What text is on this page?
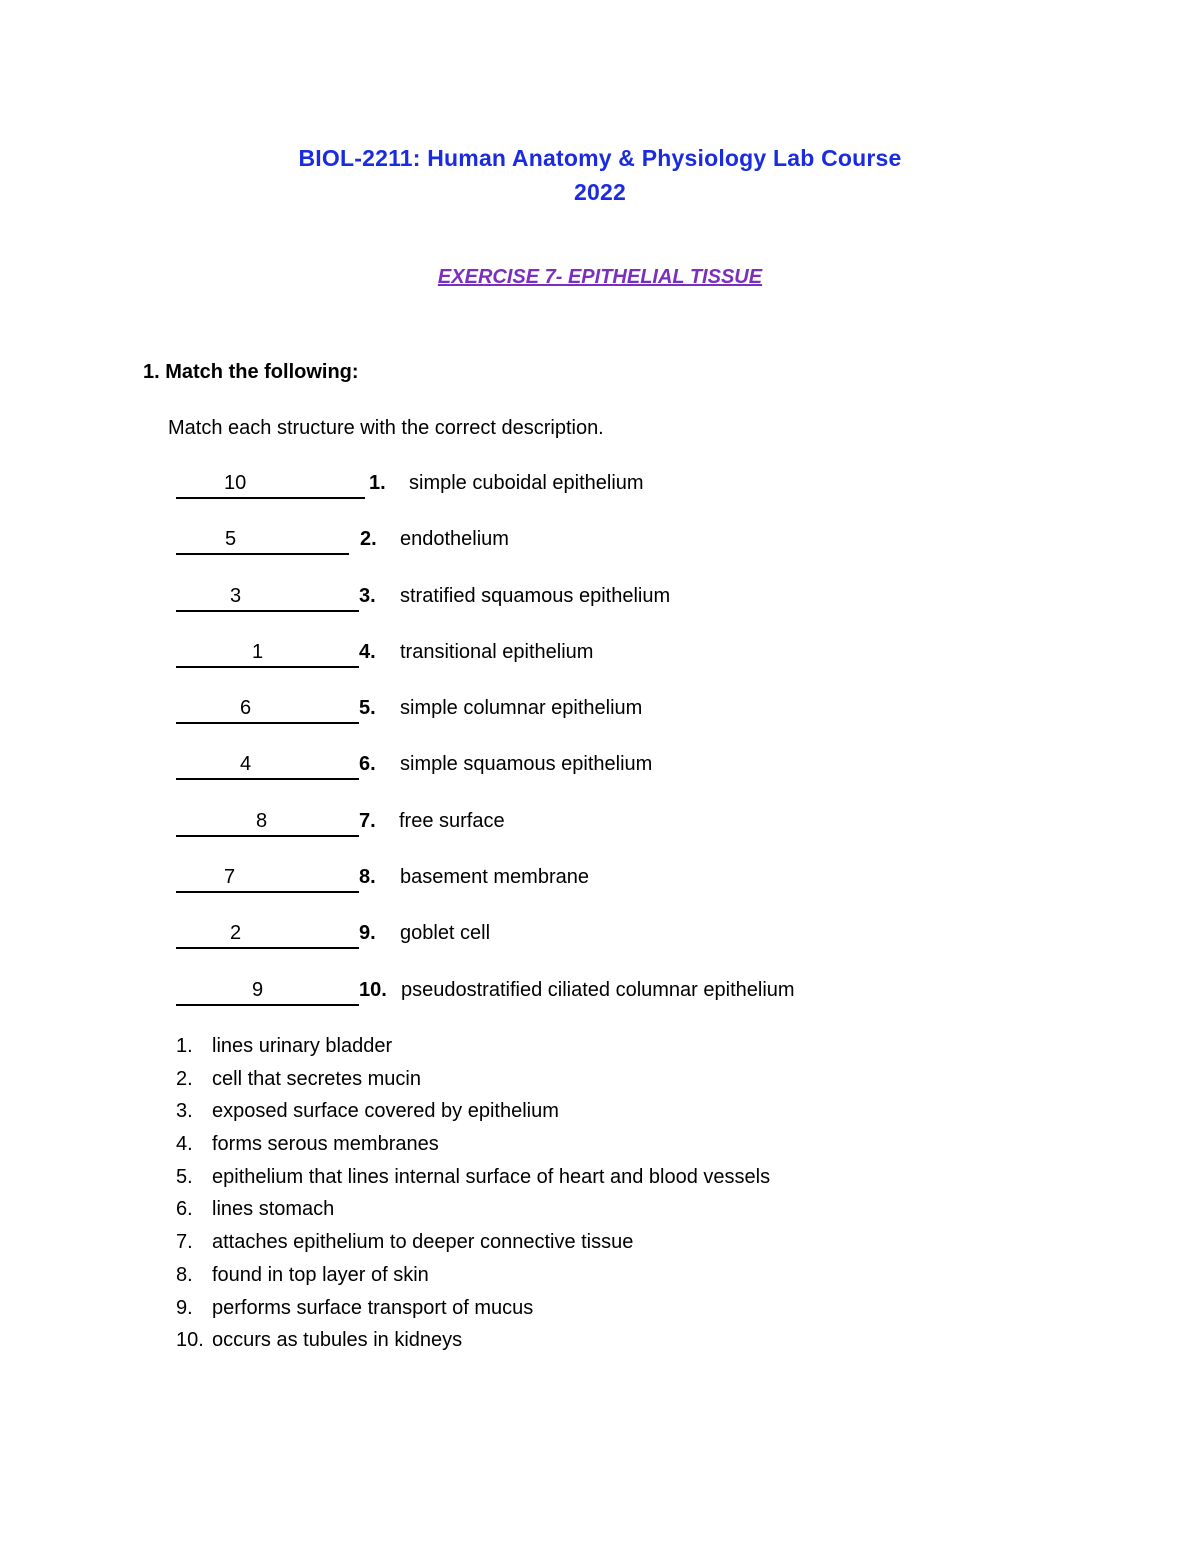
BIOL-2211: Human Anatomy & Physiology Lab Course
2022
EXERCISE 7- EPITHELIAL TISSUE
1. Match the following:
Match each structure with the correct description.
10	1. simple cuboidal epithelium
5	2. endothelium
3	3. stratified squamous epithelium
1	4. transitional epithelium
6	5. simple columnar epithelium
4	6. simple squamous epithelium
8	7. free surface
7	8. basement membrane
2	9. goblet cell
9	10. pseudostratified ciliated columnar epithelium
1. lines urinary bladder
2. cell that secretes mucin
3. exposed surface covered by epithelium
4. forms serous membranes
5. epithelium that lines internal surface of heart and blood vessels
6. lines stomach
7. attaches epithelium to deeper connective tissue
8. found in top layer of skin
9. performs surface transport of mucus
10. occurs as tubules in kidneys
